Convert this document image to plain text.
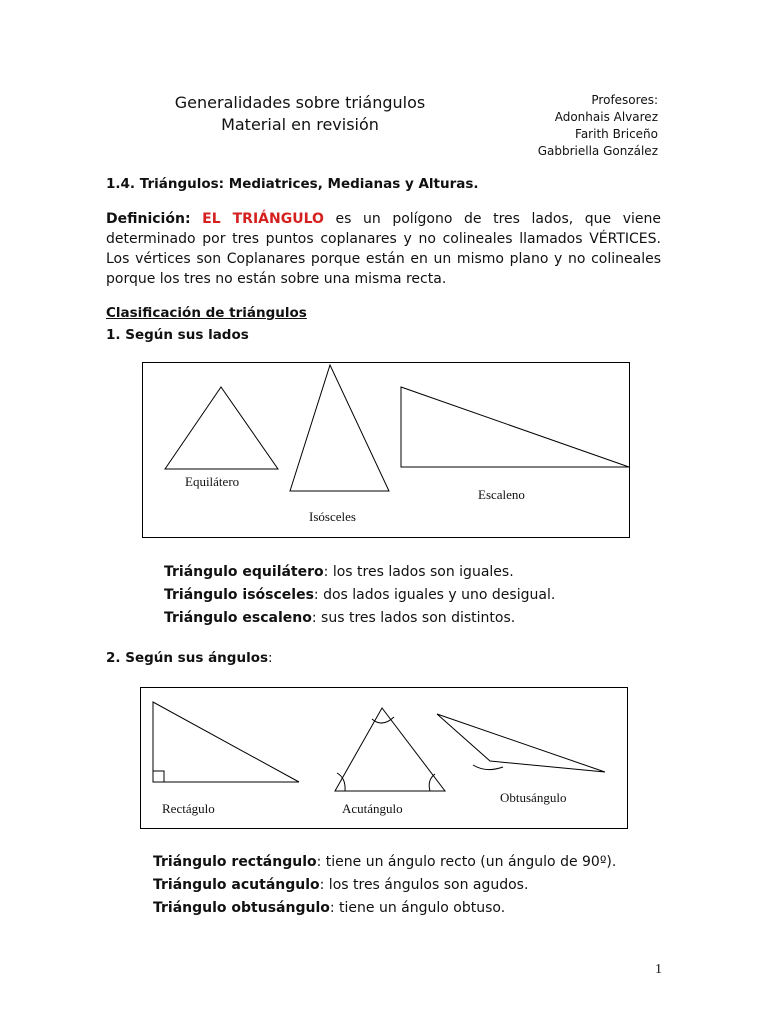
Generalidades sobre triángulos
Material en revisión
Profesores:
Adonhais Alvarez
Farith Briceño
Gabbriella González
1.4. Triángulos: Mediatrices, Medianas y Alturas.
Definición: EL TRIÁNGULO es un polígono de tres lados, que viene determinado por tres puntos coplanares y no colineales llamados VÉRTICES. Los vértices son Coplanares porque están en un mismo plano y no colineales porque los tres no están sobre una misma recta.
Clasificación de triángulos
1. Según sus lados
Equilátero
Isósceles
Escaleno
Triángulo equilátero: los tres lados son iguales.
Triángulo isósceles: dos lados iguales y uno desigual.
Triángulo escaleno: sus tres lados son distintos.
2. Según sus ángulos:
Rectágulo	Acutángulo
Obtusángulo
Triángulo rectángulo: tiene un ángulo recto (un ángulo de 90º).
Triángulo acutángulo: los tres ángulos son agudos.
Triángulo obtusángulo: tiene un ángulo obtuso.
1
